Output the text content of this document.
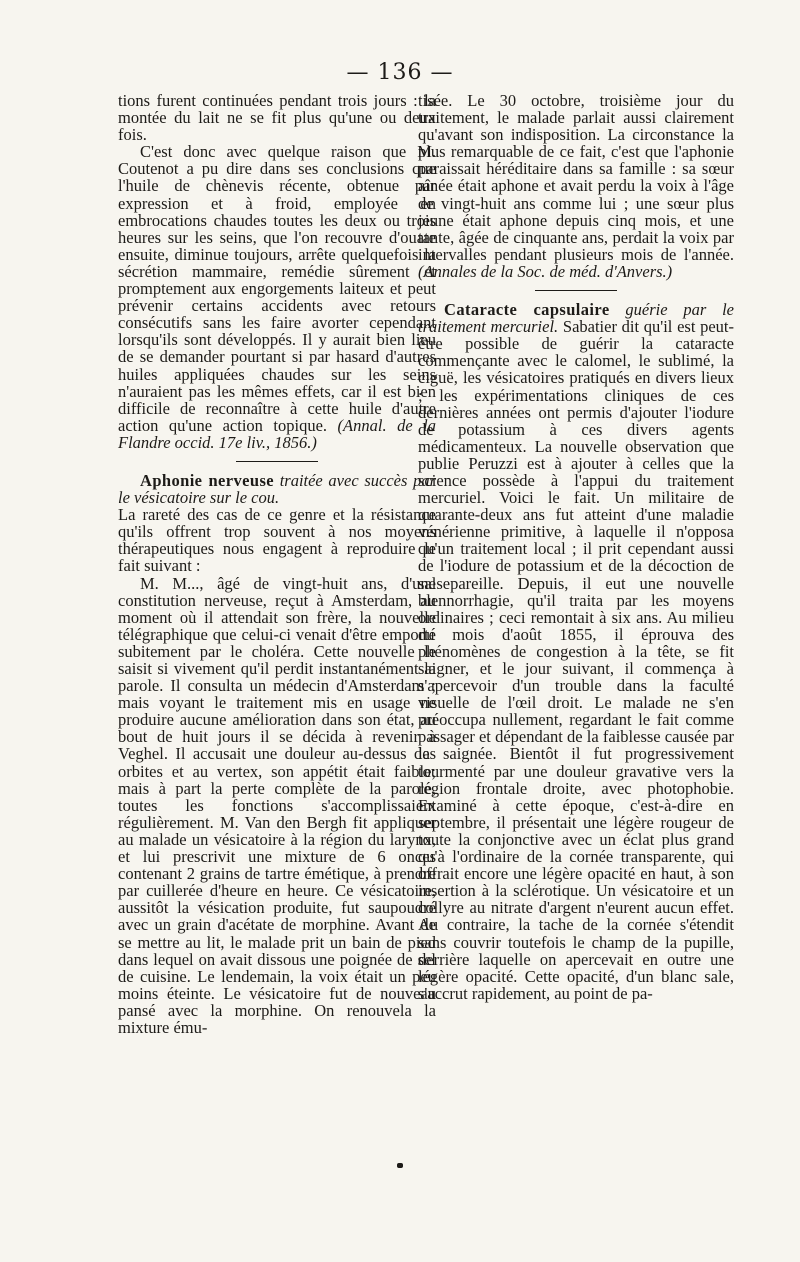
— 136 —

tions furent continuées pendant trois jours : la montée du lait ne se fit plus qu'une ou deux fois.

C'est donc avec quelque raison que M. Coutenot a pu dire dans ses conclusions que l'huile de chènevis récente, obtenue par expression et à froid, employée en embrocations chaudes toutes les deux ou trois heures sur les seins, que l'on recouvre d'ouate ensuite, diminue toujours, arrête quelquefois la sécrétion mammaire, remédie sûrement et promptement aux engorgements laiteux et peut prévenir certains accidents avec retours consécutifs sans les faire avorter cependant lorsqu'ils sont développés. Il y aurait bien lieu de se demander pourtant si par hasard d'autres huiles appliquées chaudes sur les seins n'auraient pas les mêmes effets, car il est bien difficile de reconnaître à cette huile d'autre action qu'une action topique. (Annal. de la Flandre occid. 17e liv., 1856.)

Aphonie nerveuse traitée avec succès par le vésicatoire sur le cou.

La rareté des cas de ce genre et la résistance qu'ils offrent trop souvent à nos moyens thérapeutiques nous engagent à reproduire le fait suivant :

M. M..., âgé de vingt-huit ans, d'une constitution nerveuse, reçut à Amsterdam, au moment où il attendait son frère, la nouvelle télégraphique que celui-ci venait d'être emporté subitement par le choléra. Cette nouvelle le saisit si vivement qu'il perdit instantanément la parole. Il consulta un médecin d'Amsterdam ; mais voyant le traitement mis en usage ne produire aucune amélioration dans son état, au bout de huit jours il se décida à revenir à Veghel. Il accusait une douleur au-dessus des orbites et au vertex, son appétit était faible; mais à part la perte complète de la parole, toutes les fonctions s'accomplissaient régulièrement. M. Van den Bergh fit appliquer au malade un vésicatoire à la région du larynx, et lui prescrivit une mixture de 6 onces contenant 2 grains de tartre émétique, à prendre par cuillerée d'heure en heure. Ce vésicatoire, aussitôt la vésication produite, fut saupoudré avec un grain d'acétate de morphine. Avant de se mettre au lit, le malade prit un bain de pied dans lequel on avait dissous une poignée de sel de cuisine. Le lendemain, la voix était un peu moins éteinte. Le vésicatoire fut de nouveau pansé avec la morphine. On renouvela la mixture ému-

tisée. Le 30 octobre, troisième jour du traitement, le malade parlait aussi clairement qu'avant son indisposition. La circonstance la plus remarquable de ce fait, c'est que l'aphonie paraissait héréditaire dans sa famille : sa sœur aînée était aphone et avait perdu la voix à l'âge de vingt-huit ans comme lui ; une sœur plus jeune était aphone depuis cinq mois, et une tante, âgée de cinquante ans, perdait la voix par intervalles pendant plusieurs mois de l'année. (Annales de la Soc. de méd. d'Anvers.)

Cataracte capsulaire guérie par le traitement mercuriel. Sabatier dit qu'il est peut-être possible de guérir la cataracte commençante avec le calomel, le sublimé, la ciguë, les vésicatoires pratiqués en divers lieux ; les expérimentations cliniques de ces dernières années ont permis d'ajouter l'iodure de potassium à ces divers agents médicamenteux. La nouvelle observation que publie Peruzzi est à ajouter à celles que la science possède à l'appui du traitement mercuriel. Voici le fait. Un militaire de quarante-deux ans fut atteint d'une maladie vénérienne primitive, à laquelle il n'opposa qu'un traitement local ; il prit cependant aussi de l'iodure de potassium et de la décoction de salsepareille. Depuis, il eut une nouvelle blennorrhagie, qu'il traita par les moyens ordinaires ; ceci remontait à six ans. Au milieu du mois d'août 1855, il éprouva des phénomènes de congestion à la tête, se fit saigner, et le jour suivant, il commença à s'apercevoir d'un trouble dans la faculté visuelle de l'œil droit. Le malade ne s'en préoccupa nullement, regardant le fait comme passager et dépendant de la faiblesse causée par la saignée. Bientôt il fut progressivement tourmenté par une douleur gravative vers la région frontale droite, avec photophobie. Examiné à cette époque, c'est-à-dire en septembre, il présentait une légère rougeur de toute la conjonctive avec un éclat plus grand qu'à l'ordinaire de la cornée transparente, qui offrait encore une légère opacité en haut, à son insertion à la sclérotique. Un vésicatoire et un collyre au nitrate d'argent n'eurent aucun effet. Au contraire, la tache de la cornée s'étendit sans couvrir toutefois le champ de la pupille, derrière laquelle on apercevait en outre une légère opacité. Cette opacité, d'un blanc sale, s'accrut rapidement, au point de pa-
